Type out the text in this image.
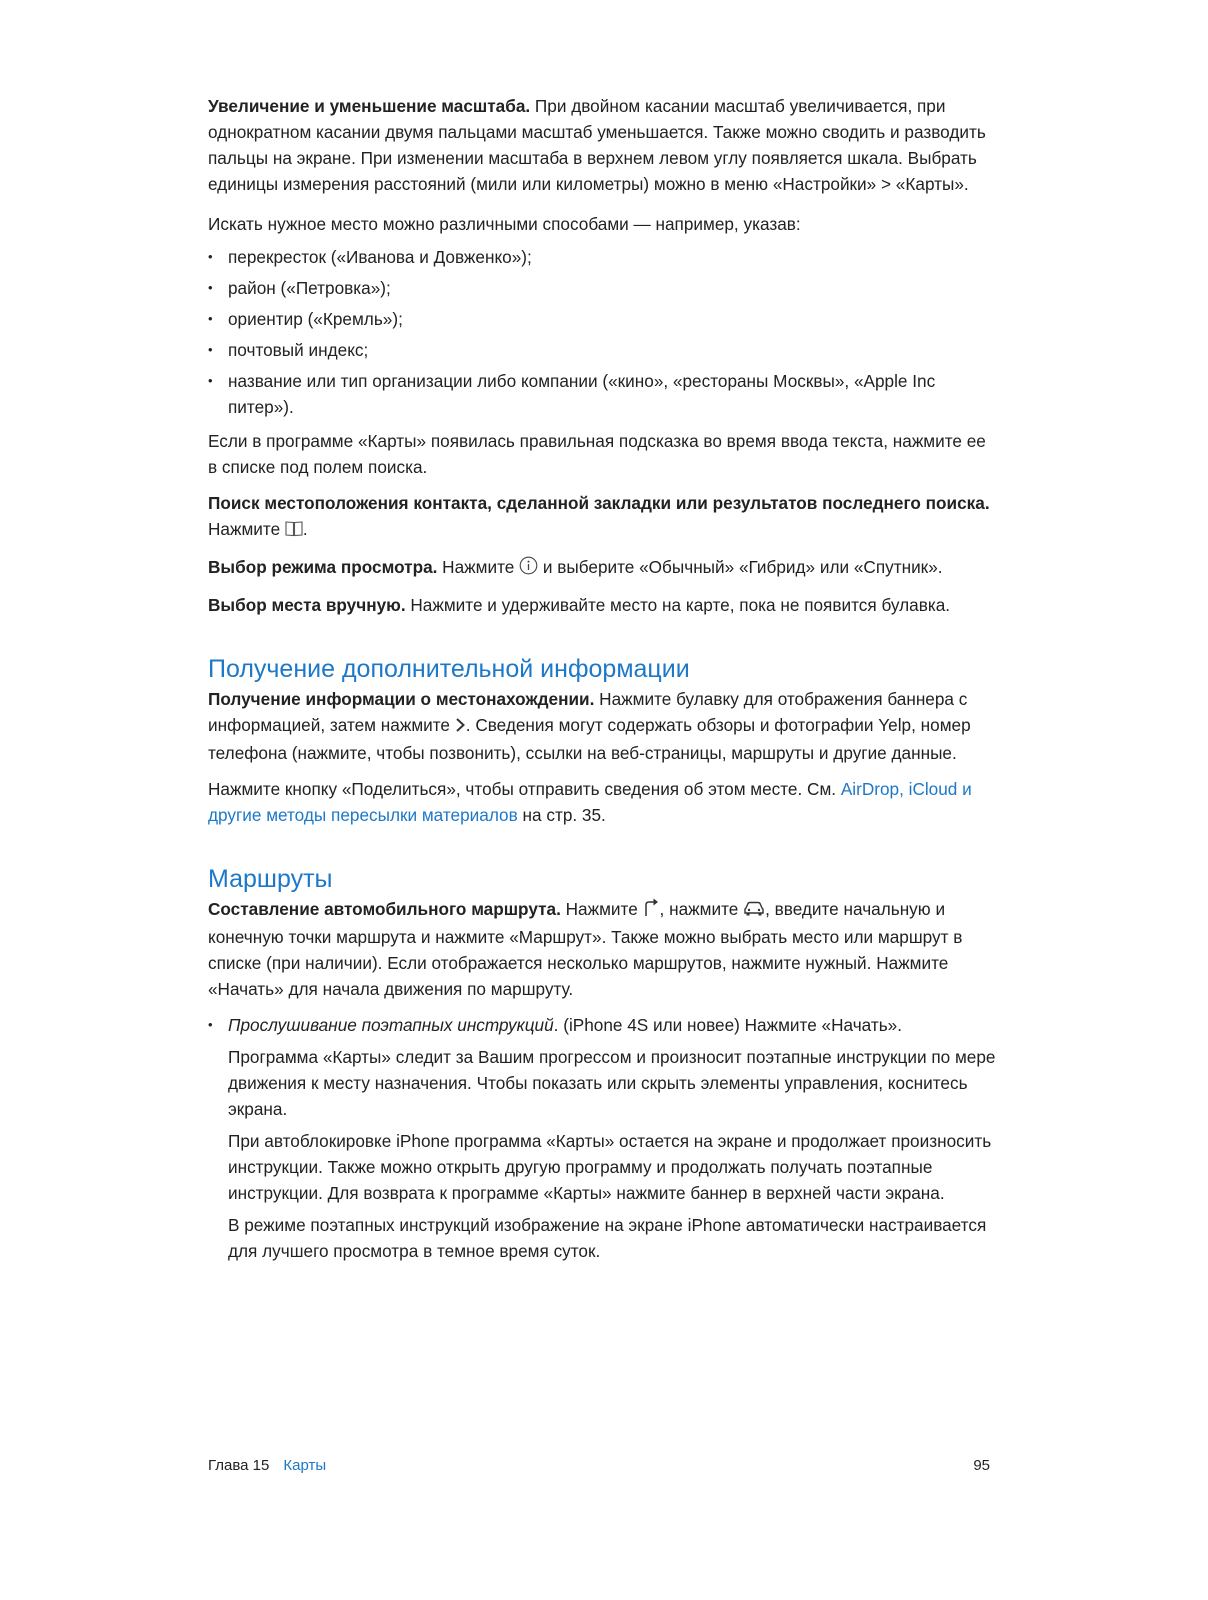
Увеличение и уменьшение масштаба. При двойном касании масштаб увеличивается, при однократном касании двумя пальцами масштаб уменьшается. Также можно сводить и разводить пальцы на экране. При изменении масштаба в верхнем левом углу появляется шкала. Выбрать единицы измерения расстояний (мили или километры) можно в меню «Настройки» > «Карты».

Искать нужное место можно различными способами — например, указав:

• перекресток («Иванова и Довженко»);
• район («Петровка»);
• ориентир («Кремль»);
• почтовый индекс;
• название или тип организации либо компании («кино», «рестораны Москвы», «Apple Inc питер»).

Если в программе «Карты» появилась правильная подсказка во время ввода текста, нажмите ее в списке под полем поиска.

Поиск местоположения контакта, сделанной закладки или результатов последнего поиска. Нажмите .

Выбор режима просмотра. Нажмите  и выберите «Обычный» «Гибрид» или «Спутник».

Выбор места вручную. Нажмите и удерживайте место на карте, пока не появится булавка.

Получение дополнительной информации

Получение информации о местонахождении. Нажмите булавку для отображения баннера с информацией, затем нажмите . Сведения могут содержать обзоры и фотографии Yelp, номер телефона (нажмите, чтобы позвонить), ссылки на веб-страницы, маршруты и другие данные.

Нажмите кнопку «Поделиться», чтобы отправить сведения об этом месте. См. AirDrop, iCloud и другие методы пересылки материалов на стр. 35.

Маршруты

Составление автомобильного маршрута. Нажмите , нажмите , введите начальную и конечную точки маршрута и нажмите «Маршрут». Также можно выбрать место или маршрут в списке (при наличии). Если отображается несколько маршрутов, нажмите нужный. Нажмите «Начать» для начала движения по маршруту.

• Прослушивание поэтапных инструкций. (iPhone 4S или новее) Нажмите «Начать».

Программа «Карты» следит за Вашим прогрессом и произносит поэтапные инструкции по мере движения к месту назначения. Чтобы показать или скрыть элементы управления, коснитесь экрана.

При автоблокировке iPhone программа «Карты» остается на экране и продолжает произносить инструкции. Также можно открыть другую программу и продолжать получать поэтапные инструкции. Для возврата к программе «Карты» нажмите баннер в верхней части экрана.

В режиме поэтапных инструкций изображение на экране iPhone автоматически настраивается для лучшего просмотра в темное время суток.

Глава 15 Карты	95
